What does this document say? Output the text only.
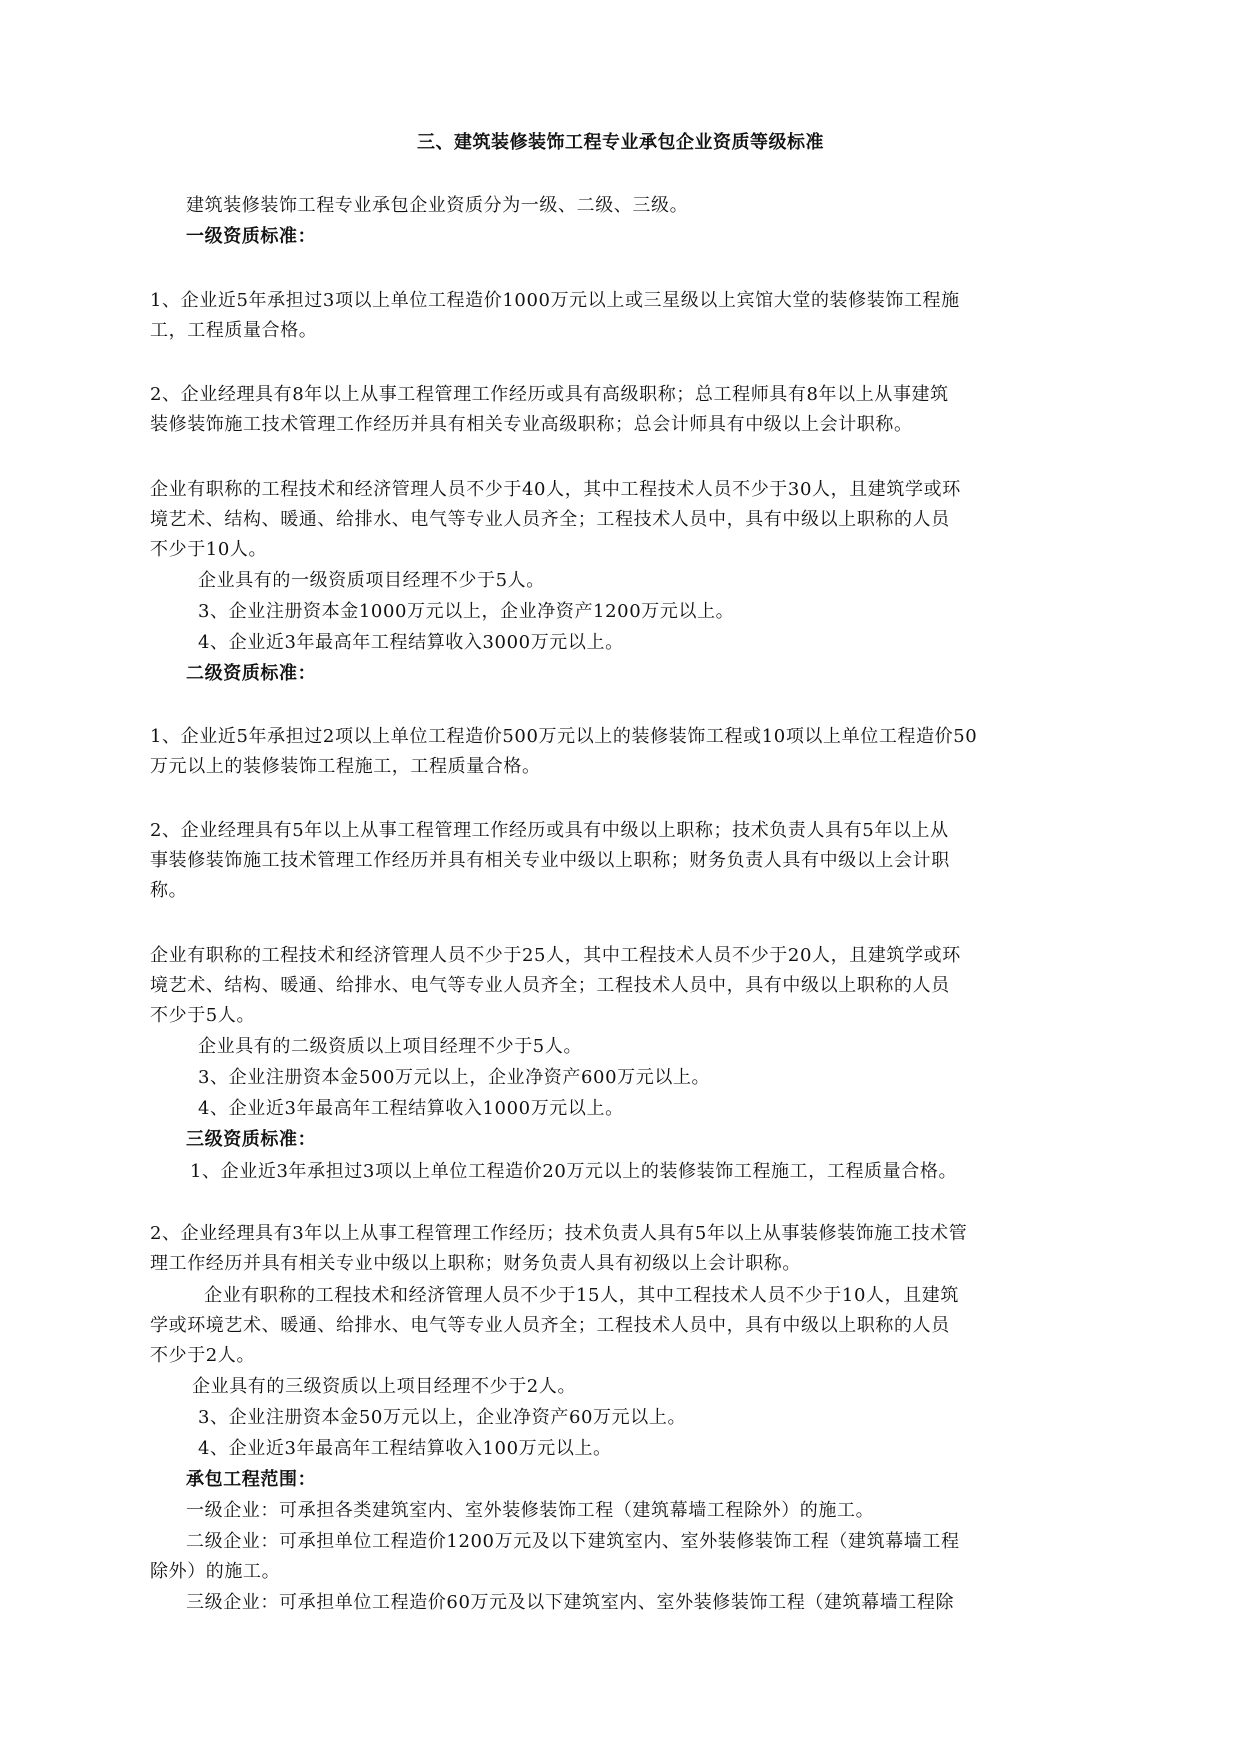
三、建筑装修装饰工程专业承包企业资质等级标准
建筑装修装饰工程专业承包企业资质分为一级、二级、三级。
一级资质标准：
1、企业近5年承担过3项以上单位工程造价1000万元以上或三星级以上宾馆大堂的装修装饰工程施
工，工程质量合格。
2、企业经理具有8年以上从事工程管理工作经历或具有高级职称；总工程师具有8年以上从事建筑
装修装饰施工技术管理工作经历并具有相关专业高级职称；总会计师具有中级以上会计职称。
企业有职称的工程技术和经济管理人员不少于40人，其中工程技术人员不少于30人，且建筑学或环
境艺术、结构、暖通、给排水、电气等专业人员齐全；工程技术人员中，具有中级以上职称的人员
不少于10人。
企业具有的一级资质项目经理不少于5人。
3、企业注册资本金1000万元以上，企业净资产1200万元以上。
4、企业近3年最高年工程结算收入3000万元以上。
二级资质标准：
1、企业近5年承担过2项以上单位工程造价500万元以上的装修装饰工程或10项以上单位工程造价50
万元以上的装修装饰工程施工，工程质量合格。
2、企业经理具有5年以上从事工程管理工作经历或具有中级以上职称；技术负责人具有5年以上从
事装修装饰施工技术管理工作经历并具有相关专业中级以上职称；财务负责人具有中级以上会计职
称。
企业有职称的工程技术和经济管理人员不少于25人，其中工程技术人员不少于20人，且建筑学或环
境艺术、结构、暖通、给排水、电气等专业人员齐全；工程技术人员中，具有中级以上职称的人员
不少于5人。
企业具有的二级资质以上项目经理不少于5人。
3、企业注册资本金500万元以上，企业净资产600万元以上。
4、企业近3年最高年工程结算收入1000万元以上。
三级资质标准：
1、企业近3年承担过3项以上单位工程造价20万元以上的装修装饰工程施工，工程质量合格。
2、企业经理具有3年以上从事工程管理工作经历；技术负责人具有5年以上从事装修装饰施工技术管
理工作经历并具有相关专业中级以上职称；财务负责人具有初级以上会计职称。
企业有职称的工程技术和经济管理人员不少于15人，其中工程技术人员不少于10人，且建筑
学或环境艺术、暖通、给排水、电气等专业人员齐全；工程技术人员中，具有中级以上职称的人员
不少于2人。
企业具有的三级资质以上项目经理不少于2人。
3、企业注册资本金50万元以上，企业净资产60万元以上。
4、企业近3年最高年工程结算收入100万元以上。
承包工程范围：
一级企业：可承担各类建筑室内、室外装修装饰工程（建筑幕墙工程除外）的施工。
二级企业：可承担单位工程造价1200万元及以下建筑室内、室外装修装饰工程（建筑幕墙工程
除外）的施工。
三级企业：可承担单位工程造价60万元及以下建筑室内、室外装修装饰工程（建筑幕墙工程除
